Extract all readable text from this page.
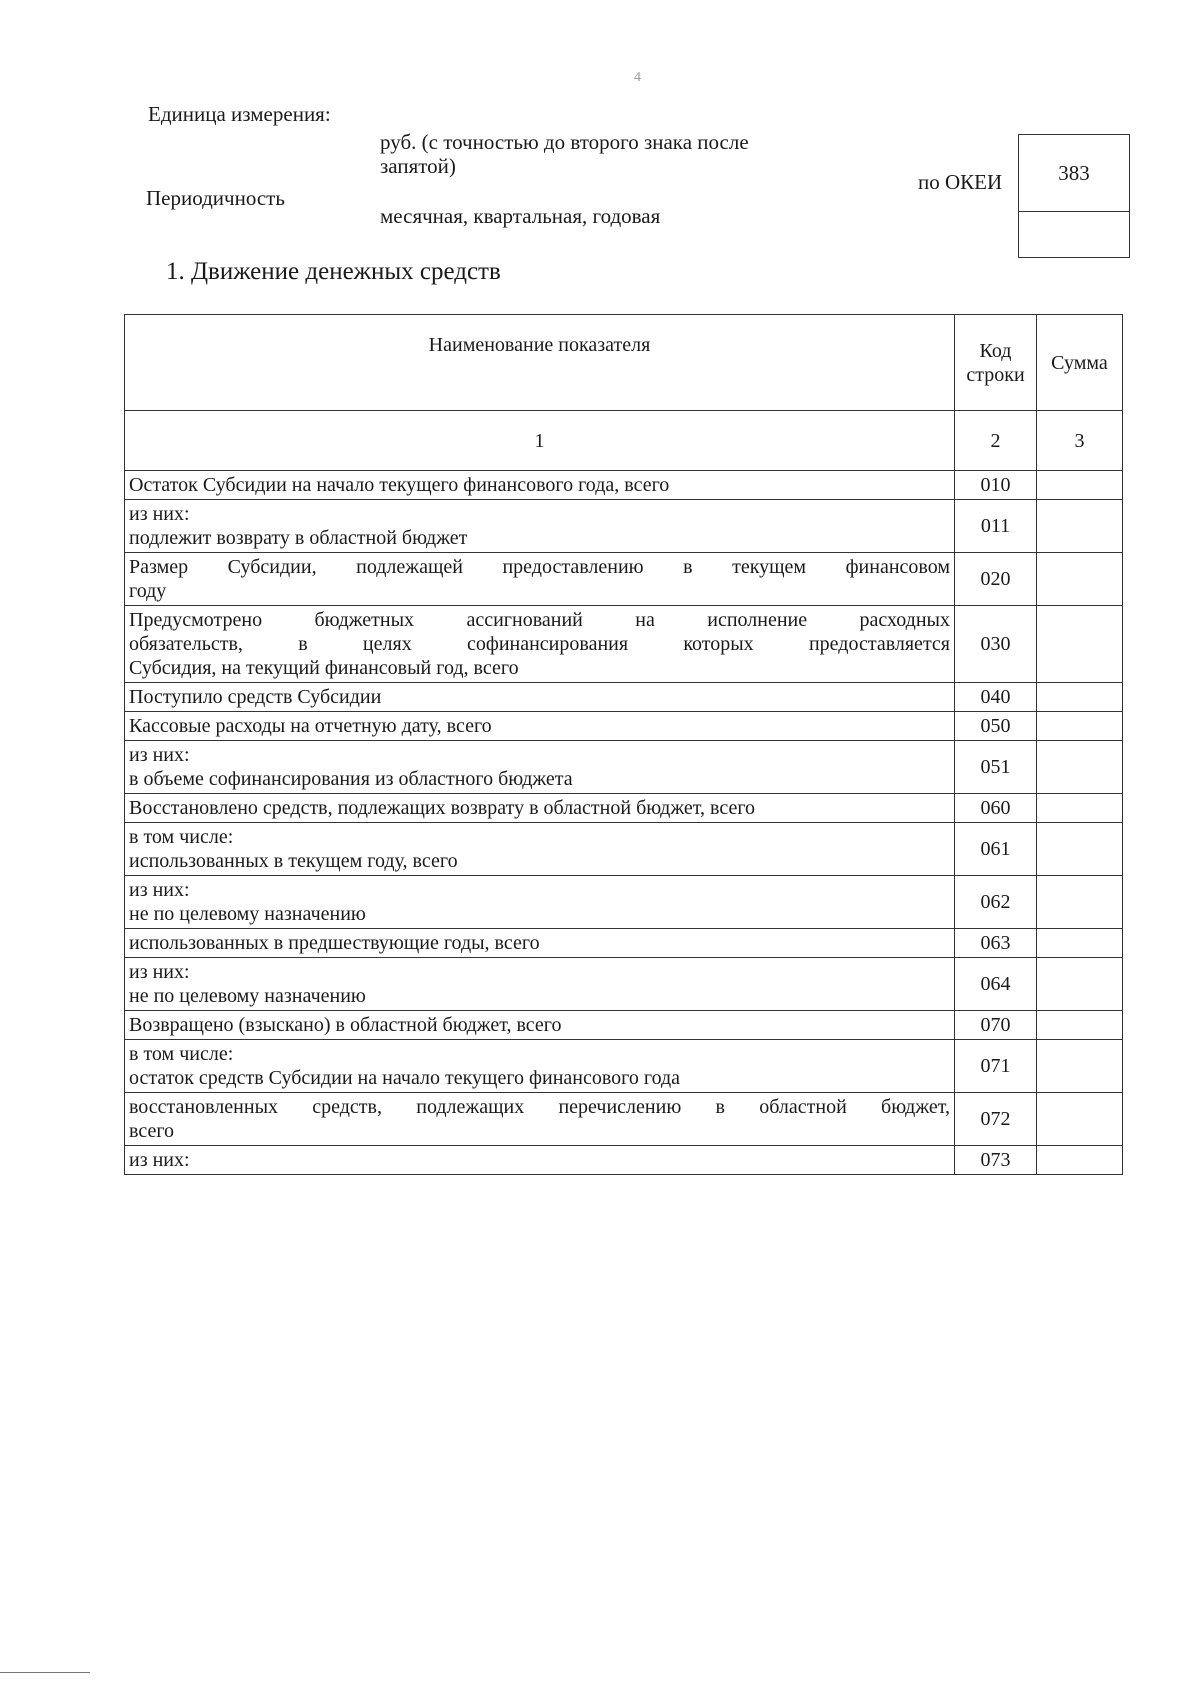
4
Единица измерения:
руб. (с точностью до второго знака после
запятой)
Периодичность
месячная, квартальная, годовая
по ОКЕИ	383
1. Движение денежных средств
Наименование показателя	Код строки	Сумма
1	2	3

Остаток Субсидии на начало текущего финансового года, всего	010	

из них:
подлежит возврату в областной бюджет	011	

Размер Субсидии, подлежащей предоставлению в текущем финансовом
году	020	

Предусмотрено бюджетных ассигнований на исполнение расходных
обязательств, в целях софинансирования которых предоставляется
Субсидия, на текущий финансовый год, всего	030	

Поступило средств Субсидии	040	

Кассовые расходы на отчетную дату, всего	050	

из них:
в объеме софинансирования из областного бюджета	051	

Восстановлено средств, подлежащих возврату в областной бюджет, всего	060	

в том числе:
использованных в текущем году, всего	061	

из них:
не по целевому назначению	062	

использованных в предшествующие годы, всего	063	

из них:
не по целевому назначению	064	

Возвращено (взыскано) в областной бюджет, всего	070	

в том числе:
остаток средств Субсидии на начало текущего финансового года	071	

восстановленных средств, подлежащих перечислению в областной бюджет,
всего	072	

из них:	073	
